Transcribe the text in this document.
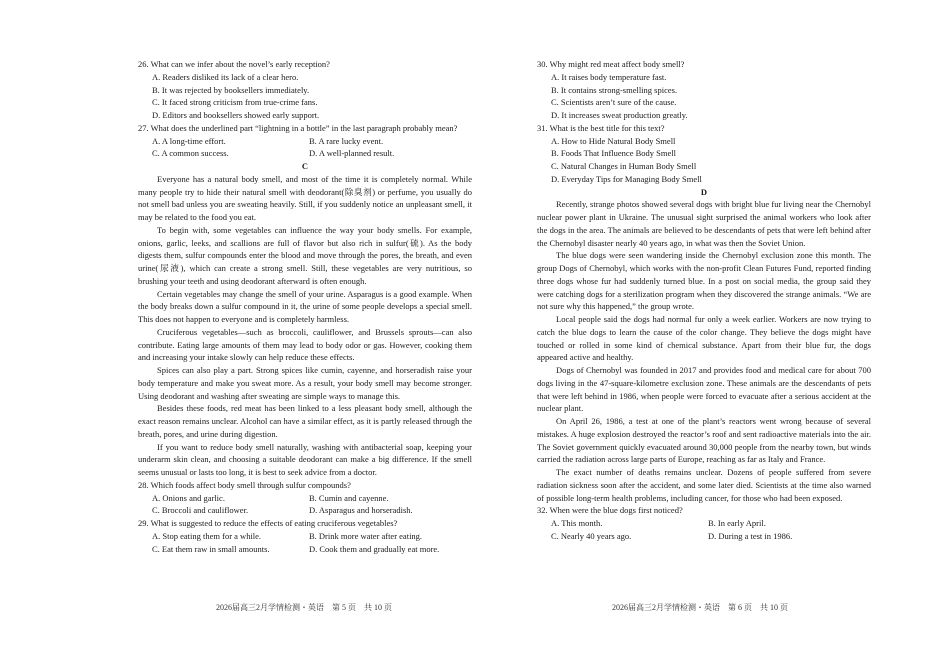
26. What can we infer about the novel’s early reception?

A. Readers disliked its lack of a clear hero.

B. It was rejected by booksellers immediately.

C. It faced strong criticism from true-crime fans.

D. Editors and booksellers showed early support.

27. What does the underlined part “lightning in a bottle” in the last paragraph probably mean?

A. A long-time effort.	B. A rare lucky event.

C. A common success.	D. A well-planned result.

C

Everyone has a natural body smell, and most of the time it is completely normal. While many people try to hide their natural smell with deodorant(除臭剂) or perfume, you usually do not smell bad unless you are sweating heavily. Still, if you suddenly notice an unpleasant smell, it may be related to the food you eat.

To begin with, some vegetables can influence the way your body smells. For example, onions, garlic, leeks, and scallions are full of flavor but also rich in sulfur(硫). As the body digests them, sulfur compounds enter the blood and move through the pores, the breath, and even urine(尿液), which can create a strong smell. Still, these vegetables are very nutritious, so brushing your teeth and using deodorant afterward is often enough.

Certain vegetables may change the smell of your urine. Asparagus is a good example. When the body breaks down a sulfur compound in it, the urine of some people develops a special smell. This does not happen to everyone and is completely harmless.

Cruciferous vegetables—such as broccoli, cauliflower, and Brussels sprouts—can also contribute. Eating large amounts of them may lead to body odor or gas. However, cooking them and increasing your intake slowly can help reduce these effects.

Spices can also play a part. Strong spices like cumin, cayenne, and horseradish raise your body temperature and make you sweat more. As a result, your body smell may become stronger. Using deodorant and washing after sweating are simple ways to manage this.

Besides these foods, red meat has been linked to a less pleasant body smell, although the exact reason remains unclear. Alcohol can have a similar effect, as it is partly released through the breath, pores, and urine during digestion.

If you want to reduce body smell naturally, washing with antibacterial soap, keeping your underarm skin clean, and choosing a suitable deodorant can make a big difference. If the smell seems unusual or lasts too long, it is best to seek advice from a doctor.

28. Which foods affect body smell through sulfur compounds?

A. Onions and garlic.	B. Cumin and cayenne.

C. Broccoli and cauliflower.	D. Asparagus and horseradish.

29. What is suggested to reduce the effects of eating cruciferous vegetables?

A. Stop eating them for a while.	B. Drink more water after eating.

C. Eat them raw in small amounts.	D. Cook them and gradually eat more.

2026届高三2月学情检测・英语　第 5 页　共 10 页

30. Why might red meat affect body smell?

A. It raises body temperature fast.

B. It contains strong-smelling spices.

C. Scientists aren’t sure of the cause.

D. It increases sweat production greatly.

31. What is the best title for this text?

A. How to Hide Natural Body Smell

B. Foods That Influence Body Smell

C. Natural Changes in Human Body Smell

D. Everyday Tips for Managing Body Smell

D

Recently, strange photos showed several dogs with bright blue fur living near the Chernobyl nuclear power plant in Ukraine. The unusual sight surprised the animal workers who look after the dogs in the area. The animals are believed to be descendants of pets that were left behind after the Chernobyl disaster nearly 40 years ago, in what was then the Soviet Union.

The blue dogs were seen wandering inside the Chernobyl exclusion zone this month. The group Dogs of Chernobyl, which works with the non-profit Clean Futures Fund, reported finding three dogs whose fur had suddenly turned blue. In a post on social media, the group said they were catching dogs for a sterilization program when they discovered the strange animals. “We are not sure why this happened,” the group wrote.

Local people said the dogs had normal fur only a week earlier. Workers are now trying to catch the blue dogs to learn the cause of the color change. They believe the dogs might have touched or rolled in some kind of chemical substance. Apart from their blue fur, the dogs appeared active and healthy.

Dogs of Chernobyl was founded in 2017 and provides food and medical care for about 700 dogs living in the 47-square-kilometre exclusion zone. These animals are the descendants of pets that were left behind in 1986, when people were forced to evacuate after a serious accident at the nuclear plant.

On April 26, 1986, a test at one of the plant’s reactors went wrong because of several mistakes. A huge explosion destroyed the reactor’s roof and sent radioactive materials into the air. The Soviet government quickly evacuated around 30,000 people from the nearby town, but winds carried the radiation across large parts of Europe, reaching as far as Italy and France.

The exact number of deaths remains unclear. Dozens of people suffered from severe radiation sickness soon after the accident, and some later died. Scientists at the time also warned of possible long-term health problems, including cancer, for those who had been exposed.

32. When were the blue dogs first noticed?

A. This month.	B. In early April.

C. Nearly 40 years ago.	D. During a test in 1986.

2026届高三2月学情检测・英语　第 6 页　共 10 页
